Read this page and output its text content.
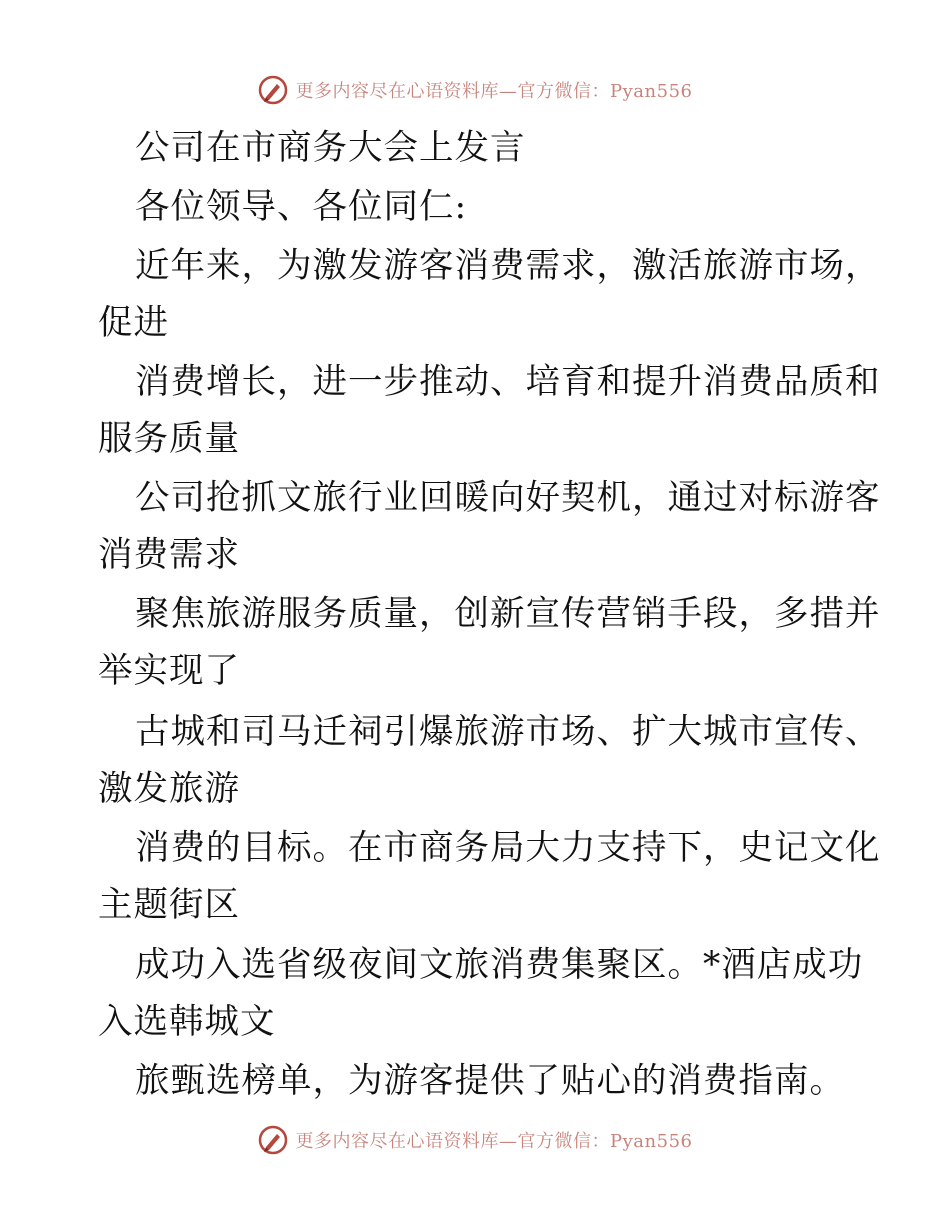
更多内容尽在心语资料库—官方微信：Pyan556
公司在市商务大会上发言
各位领导、各位同仁:
近年来，为激发游客消费需求，激活旅游市场，
促进
消费增长，进一步推动、培育和提升消费品质和
服务质量
公司抢抓文旅行业回暖向好契机，通过对标游客
消费需求
聚焦旅游服务质量，创新宣传营销手段，多措并
举实现了
古城和司马迁祠引爆旅游市场、扩大城市宣传、
激发旅游
消费的目标。在市商务局大力支持下，史记文化
主题街区
成功入选省级夜间文旅消费集聚区。*酒店成功
入选韩城文
旅甄选榜单，为游客提供了贴心的消费指南。
更多内容尽在心语资料库—官方微信：Pyan556
